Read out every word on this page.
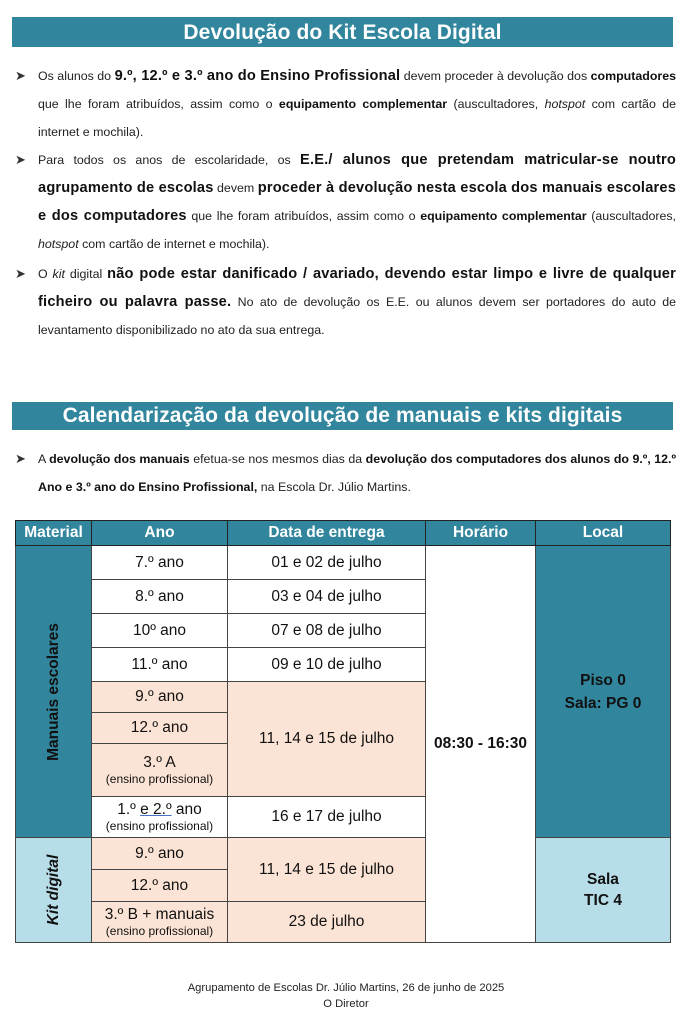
Devolução do Kit Escola Digital
➤ Os alunos do 9.º, 12.º e 3.º ano do Ensino Profissional devem proceder à devolução dos computadores que lhe foram atribuídos, assim como o equipamento complementar (auscultadores, hotspot com cartão de internet e mochila).
➤ Para todos os anos de escolaridade, os E.E./ alunos que pretendam matricular-se noutro agrupamento de escolas devem proceder à devolução nesta escola dos manuais escolares e dos computadores que lhe foram atribuídos, assim como o equipamento complementar (auscultadores, hotspot com cartão de internet e mochila).
➤ O kit digital não pode estar danificado / avariado, devendo estar limpo e livre de qualquer ficheiro ou palavra passe. No ato de devolução os E.E. ou alunos devem ser portadores do auto de levantamento disponibilizado no ato da sua entrega.
Calendarização da devolução de manuais e kits digitais
➤ A devolução dos manuais efetua-se nos mesmos dias da devolução dos computadores dos alunos do 9.º, 12.º Ano e 3.º ano do Ensino Profissional, na Escola Dr. Júlio Martins.
Material	Ano	Data de entrega	Horário	Local

Manuais escolares	7.º ano	01 e 02 de julho	08:30 - 16:30	Piso 0
Sala: PG 0
	8.º ano	03 e 04 de julho		
	10º ano	07 e 08 de julho		
	11.º ano	09 e 10 de julho		
	9.º ano	11, 14 e 15 de julho		
	12.º ano			
	3.º A
(ensino profissional)			

	1.º e 2.º ano
(ensino profissional)	16 e 17 de julho		

Kit digital	9.º ano	11, 14 e 15 de julho		Sala
TIC 4
	12.º ano			
	3.º B + manuais
(ensino profissional)	23 de julho		
Agrupamento de Escolas Dr. Júlio Martins, 26 de junho de 2025
O Diretor
